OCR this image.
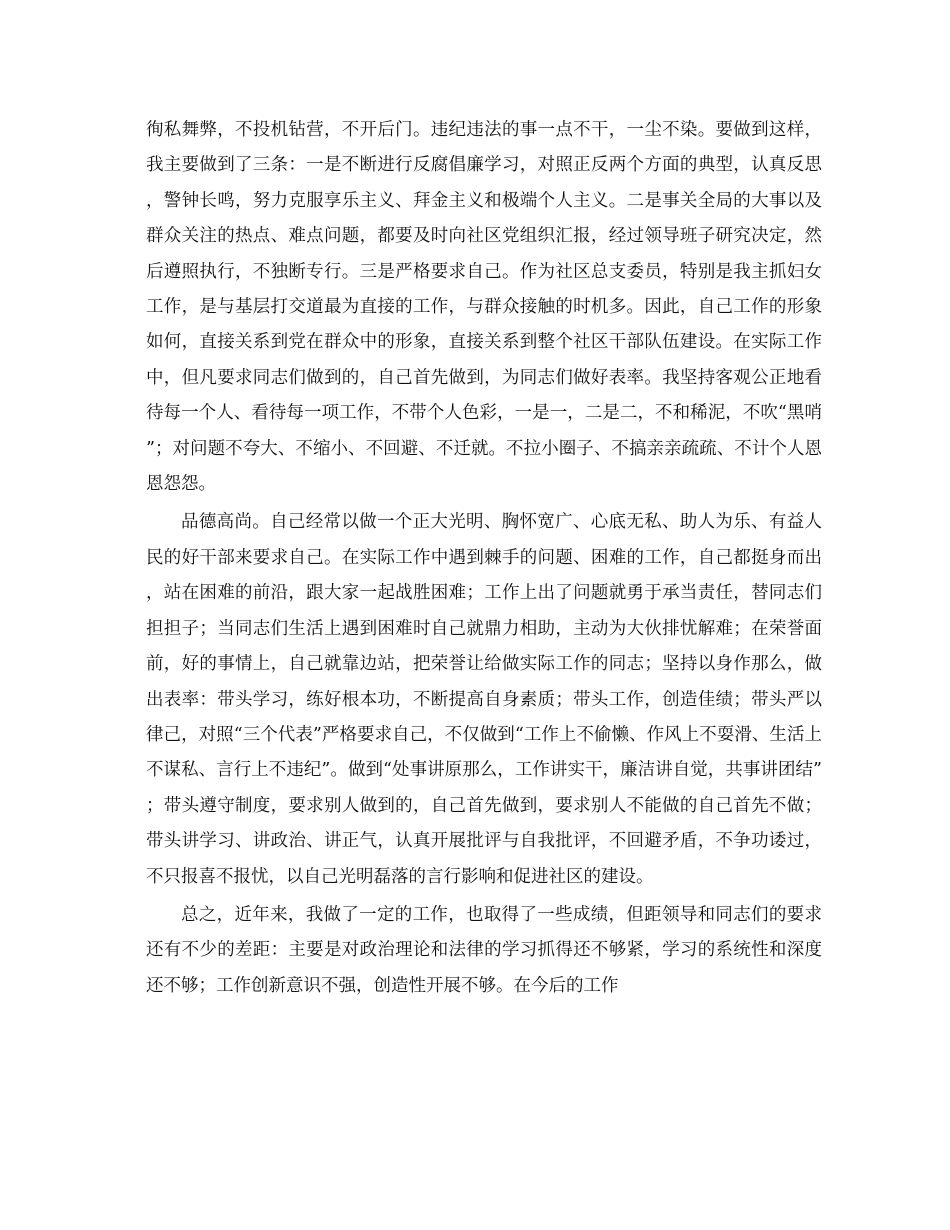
徇私舞弊，不投机钻营，不开后门。违纪违法的事一点不干，一尘不染。要做到这样，我主要做到了三条：一是不断进行反腐倡廉学习，对照正反两个方面的典型，认真反思，警钟长鸣，努力克服享乐主义、拜金主义和极端个人主义。二是事关全局的大事以及群众关注的热点、难点问题，都要及时向社区党组织汇报，经过领导班子研究决定，然后遵照执行，不独断专行。三是严格要求自己。作为社区总支委员，特别是我主抓妇女工作，是与基层打交道最为直接的工作，与群众接触的时机多。因此，自己工作的形象如何，直接关系到党在群众中的形象，直接关系到整个社区干部队伍建设。在实际工作中，但凡要求同志们做到的，自己首先做到，为同志们做好表率。我坚持客观公正地看待每一个人、看待每一项工作，不带个人色彩，一是一，二是二，不和稀泥，不吹“黑哨”；对问题不夸大、不缩小、不回避、不迁就。不拉小圈子、不搞亲亲疏疏、不计个人恩恩怨怨。

品德高尚。自己经常以做一个正大光明、胸怀宽广、心底无私、助人为乐、有益人民的好干部来要求自己。在实际工作中遇到棘手的问题、困难的工作，自己都挺身而出，站在困难的前沿，跟大家一起战胜困难；工作上出了问题就勇于承当责任，替同志们担担子；当同志们生活上遇到困难时自己就鼎力相助，主动为大伙排忧解难；在荣誉面前，好的事情上，自己就靠边站，把荣誉让给做实际工作的同志；坚持以身作那么，做出表率：带头学习，练好根本功，不断提高自身素质；带头工作，创造佳绩；带头严以律己，对照“三个代表”严格要求自己，不仅做到“工作上不偷懒、作风上不耍滑、生活上不谋私、言行上不违纪”。做到“处事讲原那么，工作讲实干，廉洁讲自觉，共事讲团结”；带头遵守制度，要求别人做到的，自己首先做到，要求别人不能做的自己首先不做；带头讲学习、讲政治、讲正气，认真开展批评与自我批评，不回避矛盾，不争功诿过，不只报喜不报忧，以自己光明磊落的言行影响和促进社区的建设。

总之，近年来，我做了一定的工作，也取得了一些成绩，但距领导和同志们的要求还有不少的差距：主要是对政治理论和法律的学习抓得还不够紧，学习的系统性和深度还不够；工作创新意识不强，创造性开展不够。在今后的工作
